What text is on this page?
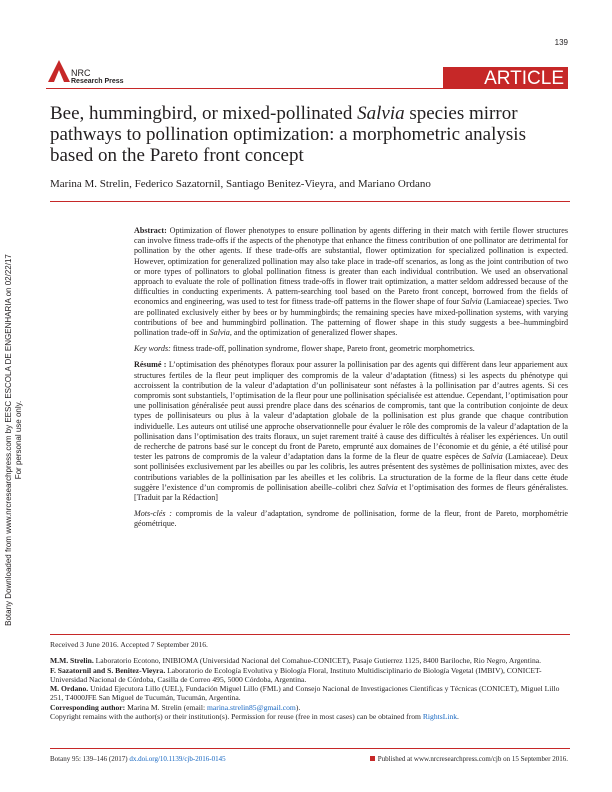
139
NRC
Research Press	ARTICLE
Bee, hummingbird, or mixed-pollinated Salvia species mirror pathways to pollination optimization: a morphometric analysis based on the Pareto front concept
Marina M. Strelin, Federico Sazatornil, Santiago Benitez-Vieyra, and Mariano Ordano

Abstract: Optimization of flower phenotypes to ensure pollination by agents differing in their match with fertile flower structures can involve fitness trade-offs if the aspects of the phenotype that enhance the fitness contribution of one pollinator are detrimental for pollination by the other agents. If these trade-offs are substantial, flower optimization for specialized pollination is expected. However, optimization for generalized pollination may also take place in trade-off scenarios, as long as the joint contribution of two or more types of pollinators to global pollination fitness is greater than each individual contribution. We used an observational approach to evaluate the role of pollination fitness trade-offs in flower trait optimization, a matter seldom addressed because of the difficulties in conducting experiments. A pattern-searching tool based on the Pareto front concept, borrowed from the fields of economics and engineering, was used to test for fitness trade-off patterns in the flower shape of four Salvia (Lamiaceae) species. Two are pollinated exclusively either by bees or by hummingbirds; the remaining species have mixed-pollination systems, with varying contributions of bee and hummingbird pollination. The patterning of flower shape in this study suggests a bee–hummingbird pollination trade-off in Salvia, and the optimization of generalized flower shapes.

Key words: fitness trade-off, pollination syndrome, flower shape, Pareto front, geometric morphometrics.

Résumé : L’optimisation des phénotypes floraux pour assurer la pollinisation par des agents qui diffèrent dans leur appariement aux structures fertiles de la fleur peut impliquer des compromis de la valeur d’adaptation (fitness) si les aspects du phénotype qui accroissent la contribution de la valeur d’adaptation d’un pollinisateur sont néfastes à la pollinisation par d’autres agents. Si ces compromis sont substantiels, l’optimisation de la fleur pour une pollinisation spécialisée est attendue. Cependant, l’optimisation pour une pollinisation généralisée peut aussi prendre place dans des scénarios de compromis, tant que la contribution conjointe de deux types de pollinisateurs ou plus à la valeur d’adaptation globale de la pollinisation est plus grande que chaque contribution individuelle. Les auteurs ont utilisé une approche observationnelle pour évaluer le rôle des compromis de la valeur d’adaptation de la pollinisation dans l’optimisation des traits floraux, un sujet rarement traité à cause des difficultés à réaliser les expériences. Un outil de recherche de patrons basé sur le concept du front de Pareto, emprunté aux domaines de l’économie et du génie, a été utilisé pour tester les patrons de compromis de la valeur d’adaptation dans la forme de la fleur de quatre espèces de Salvia (Lamiaceae). Deux sont pollinisées exclusivement par les abeilles ou par les colibris, les autres présentent des systèmes de pollinisation mixtes, avec des contributions variables de la pollinisation par les abeilles et les colibris. La structuration de la forme de la fleur dans cette étude suggère l’existence d’un compromis de pollinisation abeille–colibri chez Salvia et l’optimisation des formes de fleurs généralistes. [Traduit par la Rédaction]

Mots-clés : compromis de la valeur d’adaptation, syndrome de pollinisation, forme de la fleur, front de Pareto, morphométrie géométrique.

Botany Downloaded from www.nrcresearchpress.com by EESC ESCOLA DE ENGENHARIA on 02/22/17 For personal use only.
Received 3 June 2016. Accepted 7 September 2016.

M.M. Strelin. Laboratorio Ecotono, INIBIOMA (Universidad Nacional del Comahue-CONICET), Pasaje Gutierrez 1125, 8400 Bariloche, Rio Negro, Argentina.

F. Sazatornil and S. Benitez-Vieyra. Laboratorio de Ecología Evolutiva y Biología Floral, Instituto Multidisciplinario de Biología Vegetal (IMBIV), CONICET-Universidad Nacional de Córdoba, Casilla de Correo 495, 5000 Córdoba, Argentina.

M. Ordano. Unidad Ejecutora Lillo (UEL), Fundación Miguel Lillo (FML) and Consejo Nacional de Investigaciones Científicas y Técnicas (CONICET), Miguel Lillo 251, T4000JFE San Miguel de Tucumán, Tucumán, Argentina.

Corresponding author: Marina M. Strelin (email: marina.strelin85@gmail.com).

Copyright remains with the author(s) or their institution(s). Permission for reuse (free in most cases) can be obtained from RightsLink.

Botany 95: 139–146 (2017) dx.doi.org/10.1139/cjb-2016-0145	Published at www.nrcresearchpress.com/cjb on 15 September 2016.
